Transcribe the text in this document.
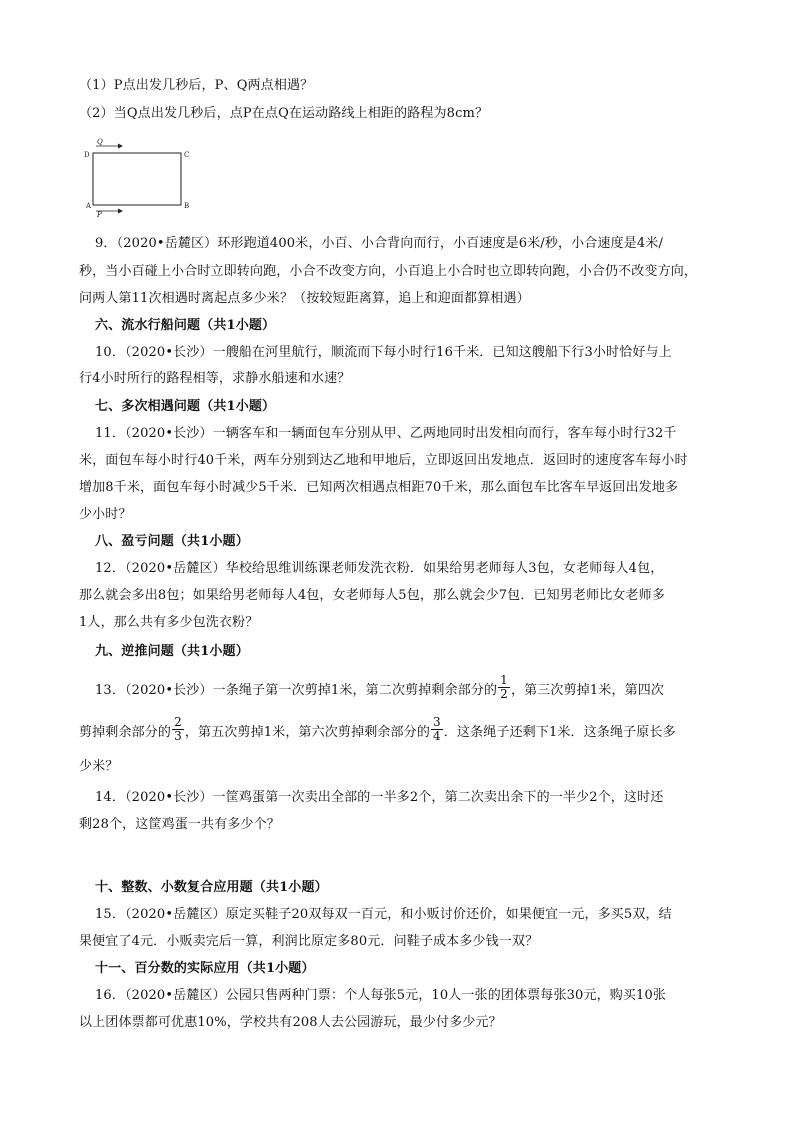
（1）P点出发几秒后，P、Q两点相遇？
（2）当Q点出发几秒后，点P在点Q在运动路线上相距的路程为8cm？
Q
P
D	C
A	B
9．（2020•岳麓区）环形跑道400米，小百、小合背向而行，小百速度是6米/秒，小合速度是4米/
秒，当小百碰上小合时立即转向跑，小合不改变方向，小百追上小合时也立即转向跑，小合仍不改变方向，
问两人第11次相遇时离起点多少米？（按较短距离算，追上和迎面都算相遇）
六、流水行船问题（共1小题）
10．（2020•长沙）一艘船在河里航行，顺流而下每小时行16千米．已知这艘船下行3小时恰好与上
行4小时所行的路程相等，求静水船速和水速？
七、多次相遇问题（共1小题）
11．（2020•长沙）一辆客车和一辆面包车分别从甲、乙两地同时出发相向而行，客车每小时行32千
米，面包车每小时行40千米，两车分别到达乙地和甲地后，立即返回出发地点．返回时的速度客车每小时
增加8千米，面包车每小时减少5千米．已知两次相遇点相距70千米，那么面包车比客车早返回出发地多
少小时？
八、盈亏问题（共1小题）
12．（2020•岳麓区）华校给思维训练课老师发洗衣粉．如果给男老师每人3包，女老师每人4包，
那么就会多出8包；如果给男老师每人4包，女老师每人5包，那么就会少7包．已知男老师比女老师多
1人，那么共有多少包洗衣粉？
九、逆推问题（共1小题）
13．（2020•长沙）一条绳子第一次剪掉1米，第二次剪掉剩余部分的 $\frac{1}{2}$ ，第三次剪掉1米，第四次
剪掉剩余部分的 $\frac{2}{3}$ ，第五次剪掉1米，第六次剪掉剩余部分的 $\frac{3}{4}$ ．这条绳子还剩下1米．这条绳子原长多
少米？
14．（2020•长沙）一筐鸡蛋第一次卖出全部的一半多2个，第二次卖出余下的一半少2个，这时还
剩28个，这筐鸡蛋一共有多少个？
十、整数、小数复合应用题（共1小题）
15．（2020•岳麓区）原定买鞋子20双每双一百元，和小贩讨价还价，如果便宜一元，多买5双，结
果便宜了4元．小贩卖完后一算，利润比原定多80元．问鞋子成本多少钱一双？
十一、百分数的实际应用（共1小题）
16．（2020•岳麓区）公园只售两种门票：个人每张5元，10人一张的团体票每张30元，购买10张
以上团体票都可优惠10%，学校共有208人去公园游玩，最少付多少元？
